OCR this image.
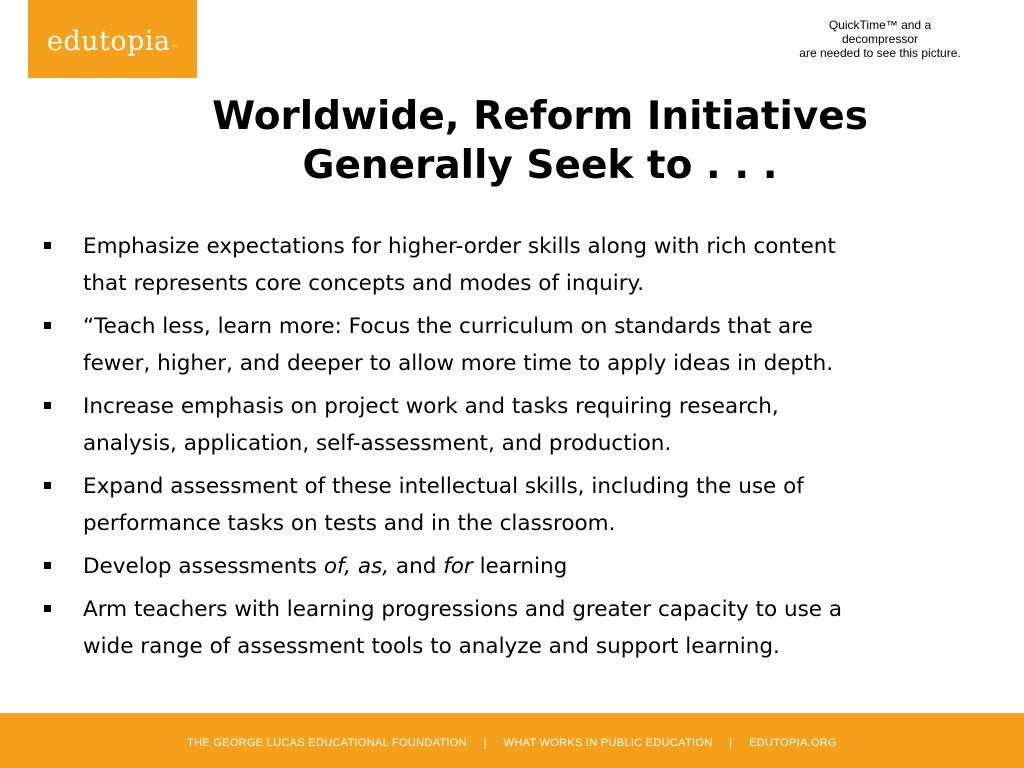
edutopia™
QuickTime™ and a
decompressor
are needed to see this picture.
Worldwide, Reform Initiatives
Generally Seek to . . .
Emphasize expectations for higher-order skills along with rich content
that represents core concepts and modes of inquiry.
“Teach less, learn more: Focus the curriculum on standards that are
fewer, higher, and deeper to allow more time to apply ideas in depth.
Increase emphasis on project work and tasks requiring research,
analysis, application, self-assessment, and production.
Expand assessment of these intellectual skills, including the use of
performance tasks on tests and in the classroom.
Develop assessments of, as, and for learning
Arm teachers with learning progressions and greater capacity to use a
wide range of assessment tools to analyze and support learning.
THE GEORGE LUCAS EDUCATIONAL FOUNDATION     |     WHAT WORKS IN PUBLIC EDUCATION     |     EDUTOPIA.ORG
